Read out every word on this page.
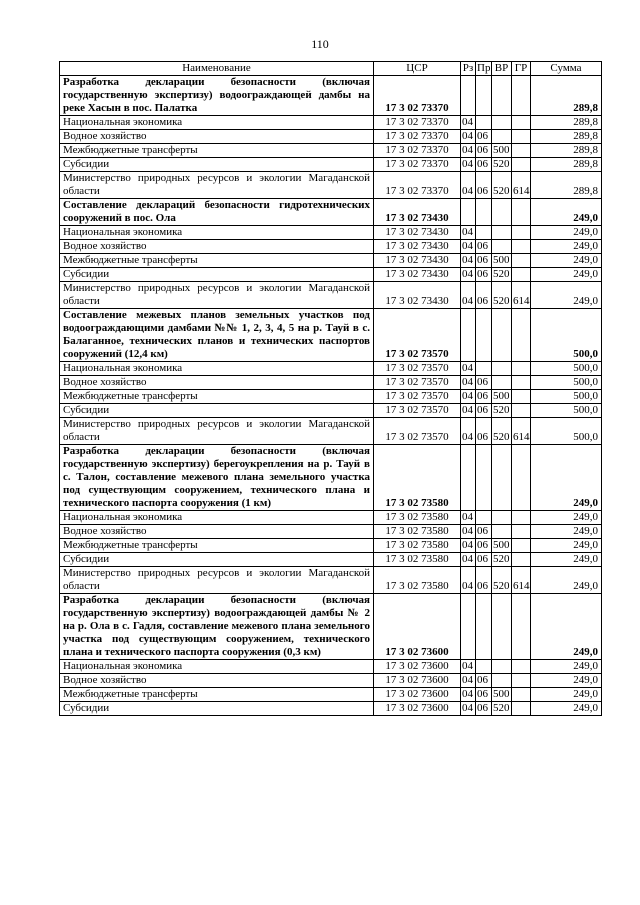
110
Наименование	ЦСР	Рз	Пр	ВР	ГР	Сумма
Разработка декларации безопасности (включая государственную экспертизу) водоограждающей дамбы на реке Хасын в пос. Палатка	17 3 02 73370					289,8
Национальная экономика	17 3 02 73370	04				289,8
Водное хозяйство	17 3 02 73370	04	06			289,8
Межбюджетные трансферты	17 3 02 73370	04	06	500		289,8
Субсидии	17 3 02 73370	04	06	520		289,8
Министерство природных ресурсов и экологии Магаданской области	17 3 02 73370	04	06	520	614	289,8
Составление деклараций безопасности гидротехнических сооружений в пос. Ола	17 3 02 73430					249,0
Национальная экономика	17 3 02 73430	04				249,0
Водное хозяйство	17 3 02 73430	04	06			249,0
Межбюджетные трансферты	17 3 02 73430	04	06	500		249,0
Субсидии	17 3 02 73430	04	06	520		249,0
Министерство природных ресурсов и экологии Магаданской области	17 3 02 73430	04	06	520	614	249,0
Составление межевых планов земельных участков под водоограждающими дамбами №№ 1, 2, 3, 4, 5 на р. Тауй в с. Балаганное, технических планов и технических паспортов сооружений (12,4 км)	17 3 02 73570					500,0
Национальная экономика	17 3 02 73570	04				500,0
Водное хозяйство	17 3 02 73570	04	06			500,0
Межбюджетные трансферты	17 3 02 73570	04	06	500		500,0
Субсидии	17 3 02 73570	04	06	520		500,0
Министерство природных ресурсов и экологии Магаданской области	17 3 02 73570	04	06	520	614	500,0
Разработка декларации безопасности (включая государственную экспертизу) берегоукрепления на р. Тауй в с. Талон, составление межевого плана земельного участка под существующим сооружением, технического плана и технического паспорта сооружения (1 км)	17 3 02 73580					249,0
Национальная экономика	17 3 02 73580	04				249,0
Водное хозяйство	17 3 02 73580	04	06			249,0
Межбюджетные трансферты	17 3 02 73580	04	06	500		249,0
Субсидии	17 3 02 73580	04	06	520		249,0
Министерство природных ресурсов и экологии Магаданской области	17 3 02 73580	04	06	520	614	249,0
Разработка декларации безопасности (включая государственную экспертизу) водоограждающей дамбы № 2 на р. Ола в с. Гадля, составление межевого плана земельного участка под существующим сооружением, технического плана и технического паспорта сооружения (0,3 км)	17 3 02 73600					249,0
Национальная экономика	17 3 02 73600	04				249,0
Водное хозяйство	17 3 02 73600	04	06			249,0
Межбюджетные трансферты	17 3 02 73600	04	06	500		249,0
Субсидии	17 3 02 73600	04	06	520		249,0
